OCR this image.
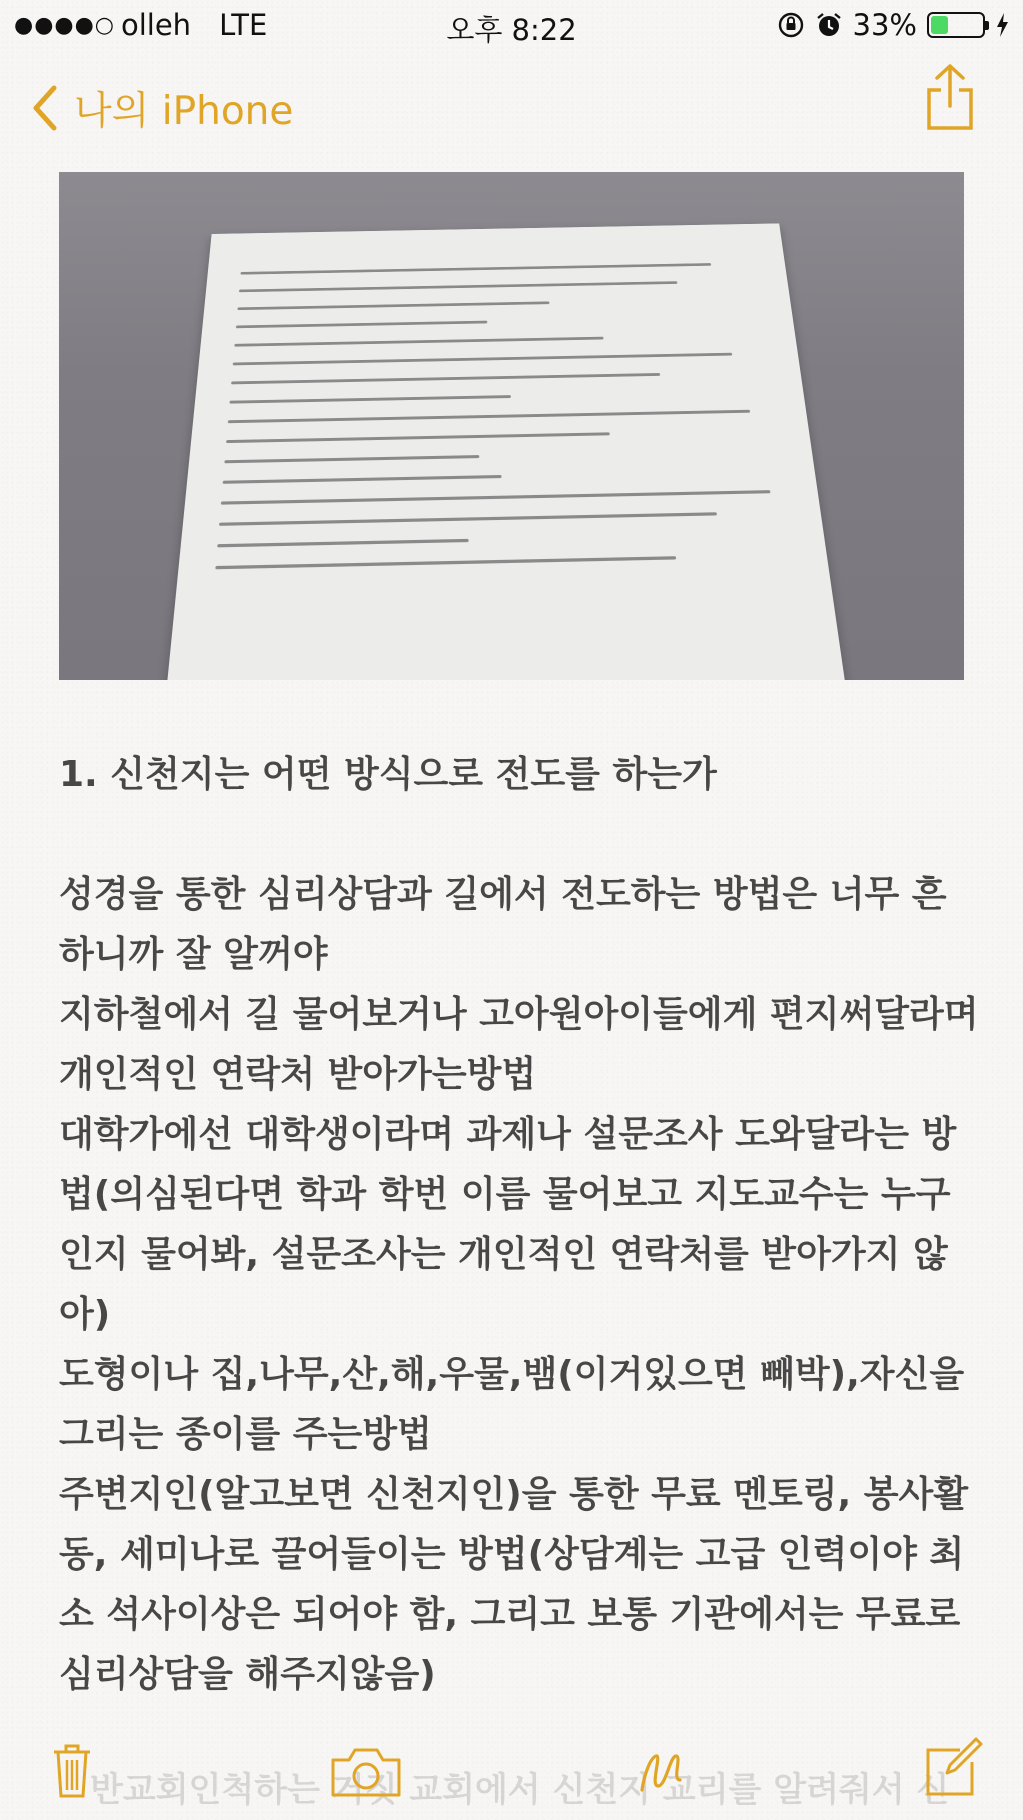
●●●●○ olleh LTE	오후 8:22	33%
나의 iPhone
1. 신천지는 어떤 방식으로 전도를 하는가

성경을 통한 심리상담과 길에서 전도하는 방법은 너무 흔하니까 잘 알꺼야

지하철에서 길 물어보거나 고아원아이들에게 편지써달라며 개인적인 연락처 받아가는방법

대학가에선 대학생이라며 과제나 설문조사 도와달라는 방법(의심된다면 학과 학번 이름 물어보고 지도교수는 누구인지 물어봐, 설문조사는 개인적인 연락처를 받아가지 않아)

도형이나 집,나무,산,해,우물,뱀(이거있으면 빼박),자신을 그리는 종이를 주는방법

주변지인(알고보면 신천지인)을 통한 무료 멘토링, 봉사활동, 세미나로 끌어들이는 방법(상담계는 고급 인력이야 최소 석사이상은 되어야 함, 그리고 보통 기관에서는 무료로 심리상담을 해주지않음)

반교회인척하는 거짓 교회에서 신천지 교리를 알려줘서 신
